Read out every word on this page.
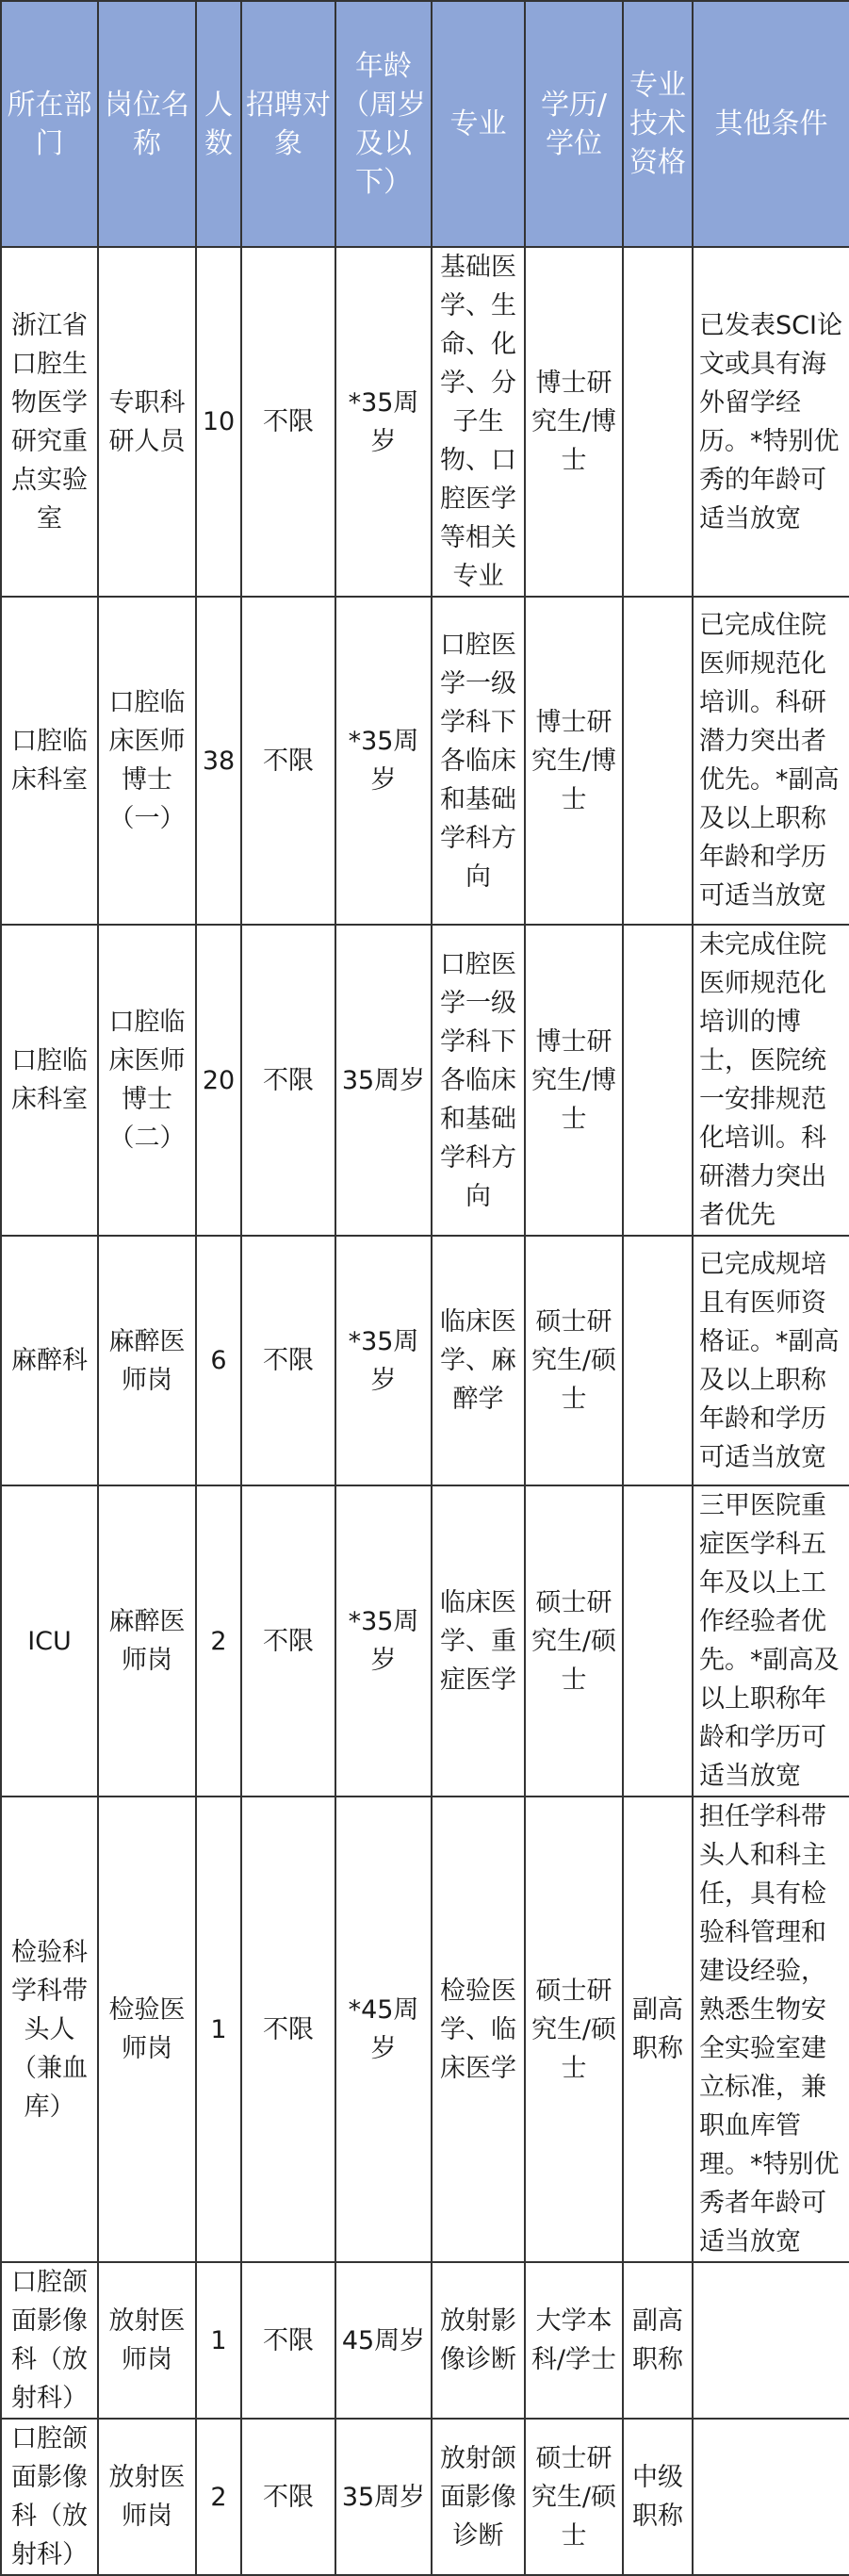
所在部门	岗位名称	人数	招聘对象	年龄（周岁及以下）	专业	学历/学位	专业技术资格	其他条件
浙江省口腔生物医学研究重点实验室	专职科研人员	10	不限	*35周岁	基础医学、生命、化学、分子生物、口腔医学等相关专业	博士研究生/博士		已发表SCI论文或具有海外留学经历。*特别优秀的年龄可适当放宽
口腔临床科室	口腔临床医师博士（一）	38	不限	*35周岁	口腔医学一级学科下各临床和基础学科方向	博士研究生/博士		已完成住院医师规范化培训。科研潜力突出者优先。*副高及以上职称年龄和学历可适当放宽
口腔临床科室	口腔临床医师博士（二）	20	不限	35周岁	口腔医学一级学科下各临床和基础学科方向	博士研究生/博士		未完成住院医师规范化培训的博士，医院统一安排规范化培训。科研潜力突出者优先
麻醉科	麻醉医师岗	6	不限	*35周岁	临床医学、麻醉学	硕士研究生/硕士		已完成规培且有医师资格证。*副高及以上职称年龄和学历可适当放宽
ICU	麻醉医师岗	2	不限	*35周岁	临床医学、重症医学	硕士研究生/硕士		三甲医院重症医学科五年及以上工作经验者优先。*副高及以上职称年龄和学历可适当放宽
检验科学科带头人（兼血库）	检验医师岗	1	不限	*45周岁	检验医学、临床医学	硕士研究生/硕士	副高职称	担任学科带头人和科主任，具有检验科管理和建设经验，熟悉生物安全实验室建立标准，兼职血库管理。*特别优秀者年龄可适当放宽
口腔颌面影像科（放射科）	放射医师岗	1	不限	45周岁	放射影像诊断	大学本科/学士	副高职称	
口腔颌面影像科（放射科）	放射医师岗	2	不限	35周岁	放射颌面影像诊断	硕士研究生/硕士	中级职称	
